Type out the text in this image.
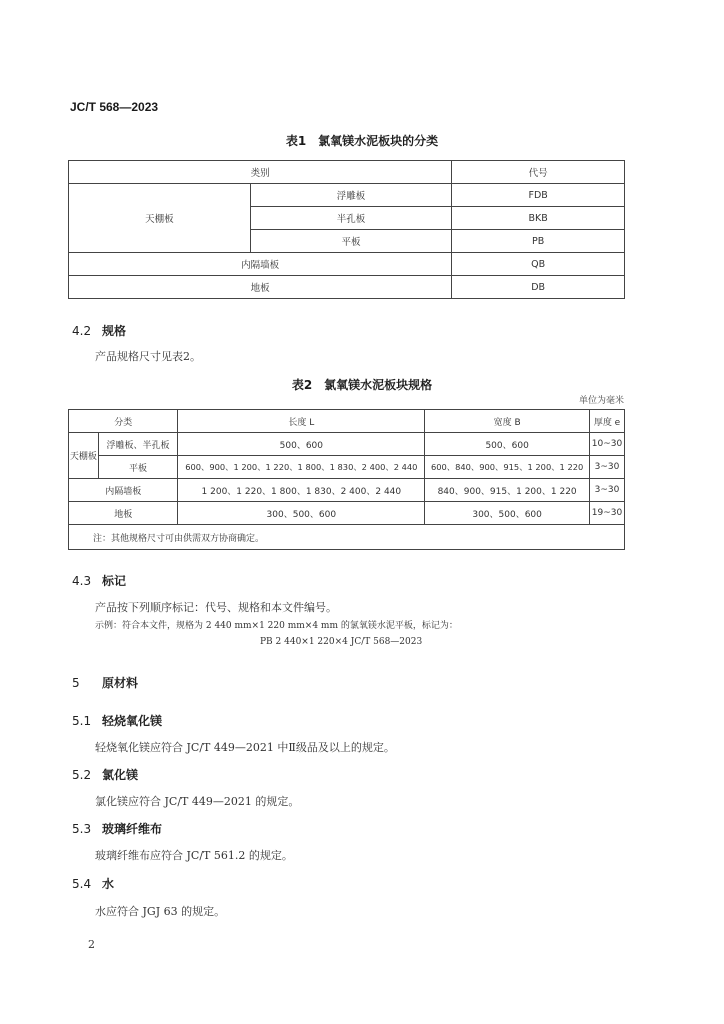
JC/T 568—2023
表1　氯氧镁水泥板块的分类
类别		代号
天棚板	浮雕板	FDB
	半孔板	BKB
	平板	PB
内隔墙板		QB
地板		DB
4.2 规格
产品规格尺寸见表2。
表2　氯氧镁水泥板块规格
单位为毫米
分类		长度 L	宽度 B	厚度 e
天棚板	浮雕板、半孔板	500、600	500、600	10~30
	平板	600、900、1 200、1 220、1 800、1 830、2 400、2 440	600、840、900、915、1 200、1 220	3~30
内隔墙板		1 200、1 220、1 800、1 830、2 400、2 440	840、900、915、1 200、1 220	3~30
地板		300、500、600	300、500、600	19~30
注：其他规格尺寸可由供需双方协商确定。				
4.3 标记
产品按下列顺序标记：代号、规格和本文件编号。
示例：符合本文件，规格为 2 440 mm×1 220 mm×4 mm 的氯氧镁水泥平板，标记为：
PB 2 440×1 220×4 JC/T 568—2023
5 原材料
5.1 轻烧氧化镁
轻烧氧化镁应符合 JC/T 449—2021 中Ⅱ级品及以上的规定。
5.2 氯化镁
氯化镁应符合 JC/T 449—2021 的规定。
5.3 玻璃纤维布
玻璃纤维布应符合 JC/T 561.2 的规定。
5.4 水
水应符合 JGJ 63 的规定。
2
